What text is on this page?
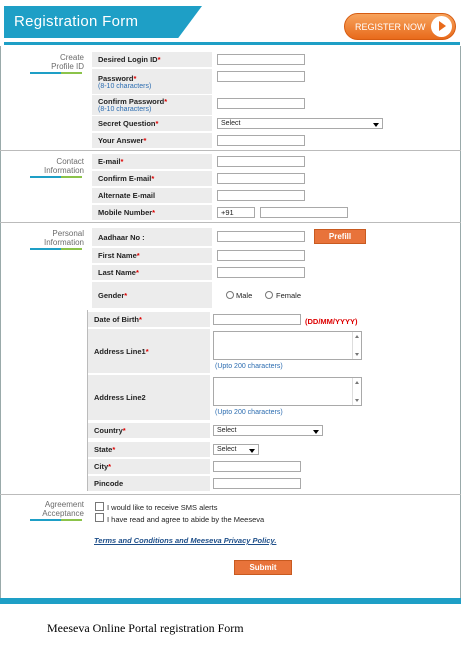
Registration Form	REGISTER NOW
Create
Profile ID
Contact
Information
Personal
Information
Desired Login ID*
Password*
(8-10 characters)
Confirm Password*
(8-10 characters)
Secret Question*	Select
Your Answer*
E-mail*
Confirm E-mail*
Alternate E-mail
Mobile Number*	+91
Aadhaar No :	Prefill
First Name*
Last Name*
Gender*	Male	Female
Date of Birth*	(DD/MM/YYYY)
Address Line1*
(Upto 200 characters)
Address Line2
(Upto 200 characters)
Country*	Select
State*	Select
City*
Pincode
Agreement
Acceptance
I would like to receive SMS alerts
I have read and agree to abide by the Meeseva
Terms and Conditions and Meeseva Privacy Policy.
Submit
Meeseva Online Portal registration Form
